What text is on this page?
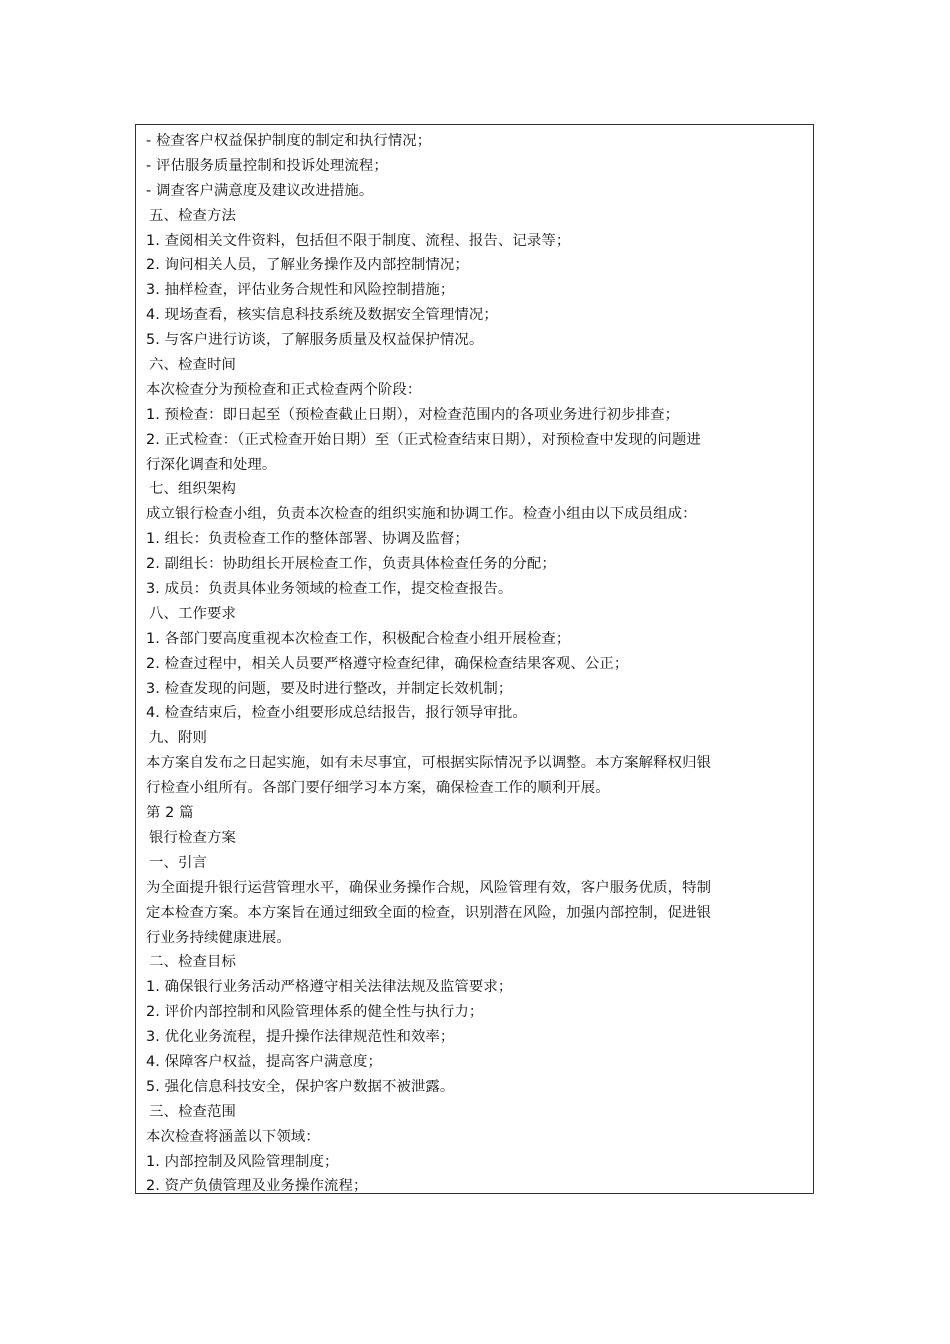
- 检查客户权益保护制度的制定和执行情况；
- 评估服务质量控制和投诉处理流程；
- 调查客户满意度及建议改进措施。
五、检查方法
1. 查阅相关文件资料，包括但不限于制度、流程、报告、记录等；
2. 询问相关人员，了解业务操作及内部控制情况；
3. 抽样检查，评估业务合规性和风险控制措施；
4. 现场查看，核实信息科技系统及数据安全管理情况；
5. 与客户进行访谈，了解服务质量及权益保护情况。
六、检查时间
本次检查分为预检查和正式检查两个阶段：
1. 预检查：即日起至（预检查截止日期），对检查范围内的各项业务进行初步排查；
2. 正式检查：（正式检查开始日期）至（正式检查结束日期），对预检查中发现的问题进
行深化调查和处理。
七、组织架构
成立银行检查小组，负责本次检查的组织实施和协调工作。检查小组由以下成员组成：
1. 组长：负责检查工作的整体部署、协调及监督；
2. 副组长：协助组长开展检查工作，负责具体检查任务的分配；
3. 成员：负责具体业务领域的检查工作，提交检查报告。
八、工作要求
1. 各部门要高度重视本次检查工作，积极配合检查小组开展检查；
2. 检查过程中，相关人员要严格遵守检查纪律，确保检查结果客观、公正；
3. 检查发现的问题，要及时进行整改，并制定长效机制；
4. 检查结束后，检查小组要形成总结报告，报行领导审批。
九、附则
本方案自发布之日起实施，如有未尽事宜，可根据实际情况予以调整。本方案解释权归银
行检查小组所有。各部门要仔细学习本方案，确保检查工作的顺利开展。
第 2 篇
银行检查方案
一、引言
为全面提升银行运营管理水平，确保业务操作合规，风险管理有效，客户服务优质，特制
定本检查方案。本方案旨在通过细致全面的检查，识别潜在风险，加强内部控制，促进银
行业务持续健康进展。
二、检查目标
1. 确保银行业务活动严格遵守相关法律法规及监管要求；
2. 评价内部控制和风险管理体系的健全性与执行力；
3. 优化业务流程，提升操作法律规范性和效率；
4. 保障客户权益，提高客户满意度；
5. 强化信息科技安全，保护客户数据不被泄露。
三、检查范围
本次检查将涵盖以下领域：
1. 内部控制及风险管理制度；
2. 资产负债管理及业务操作流程；
